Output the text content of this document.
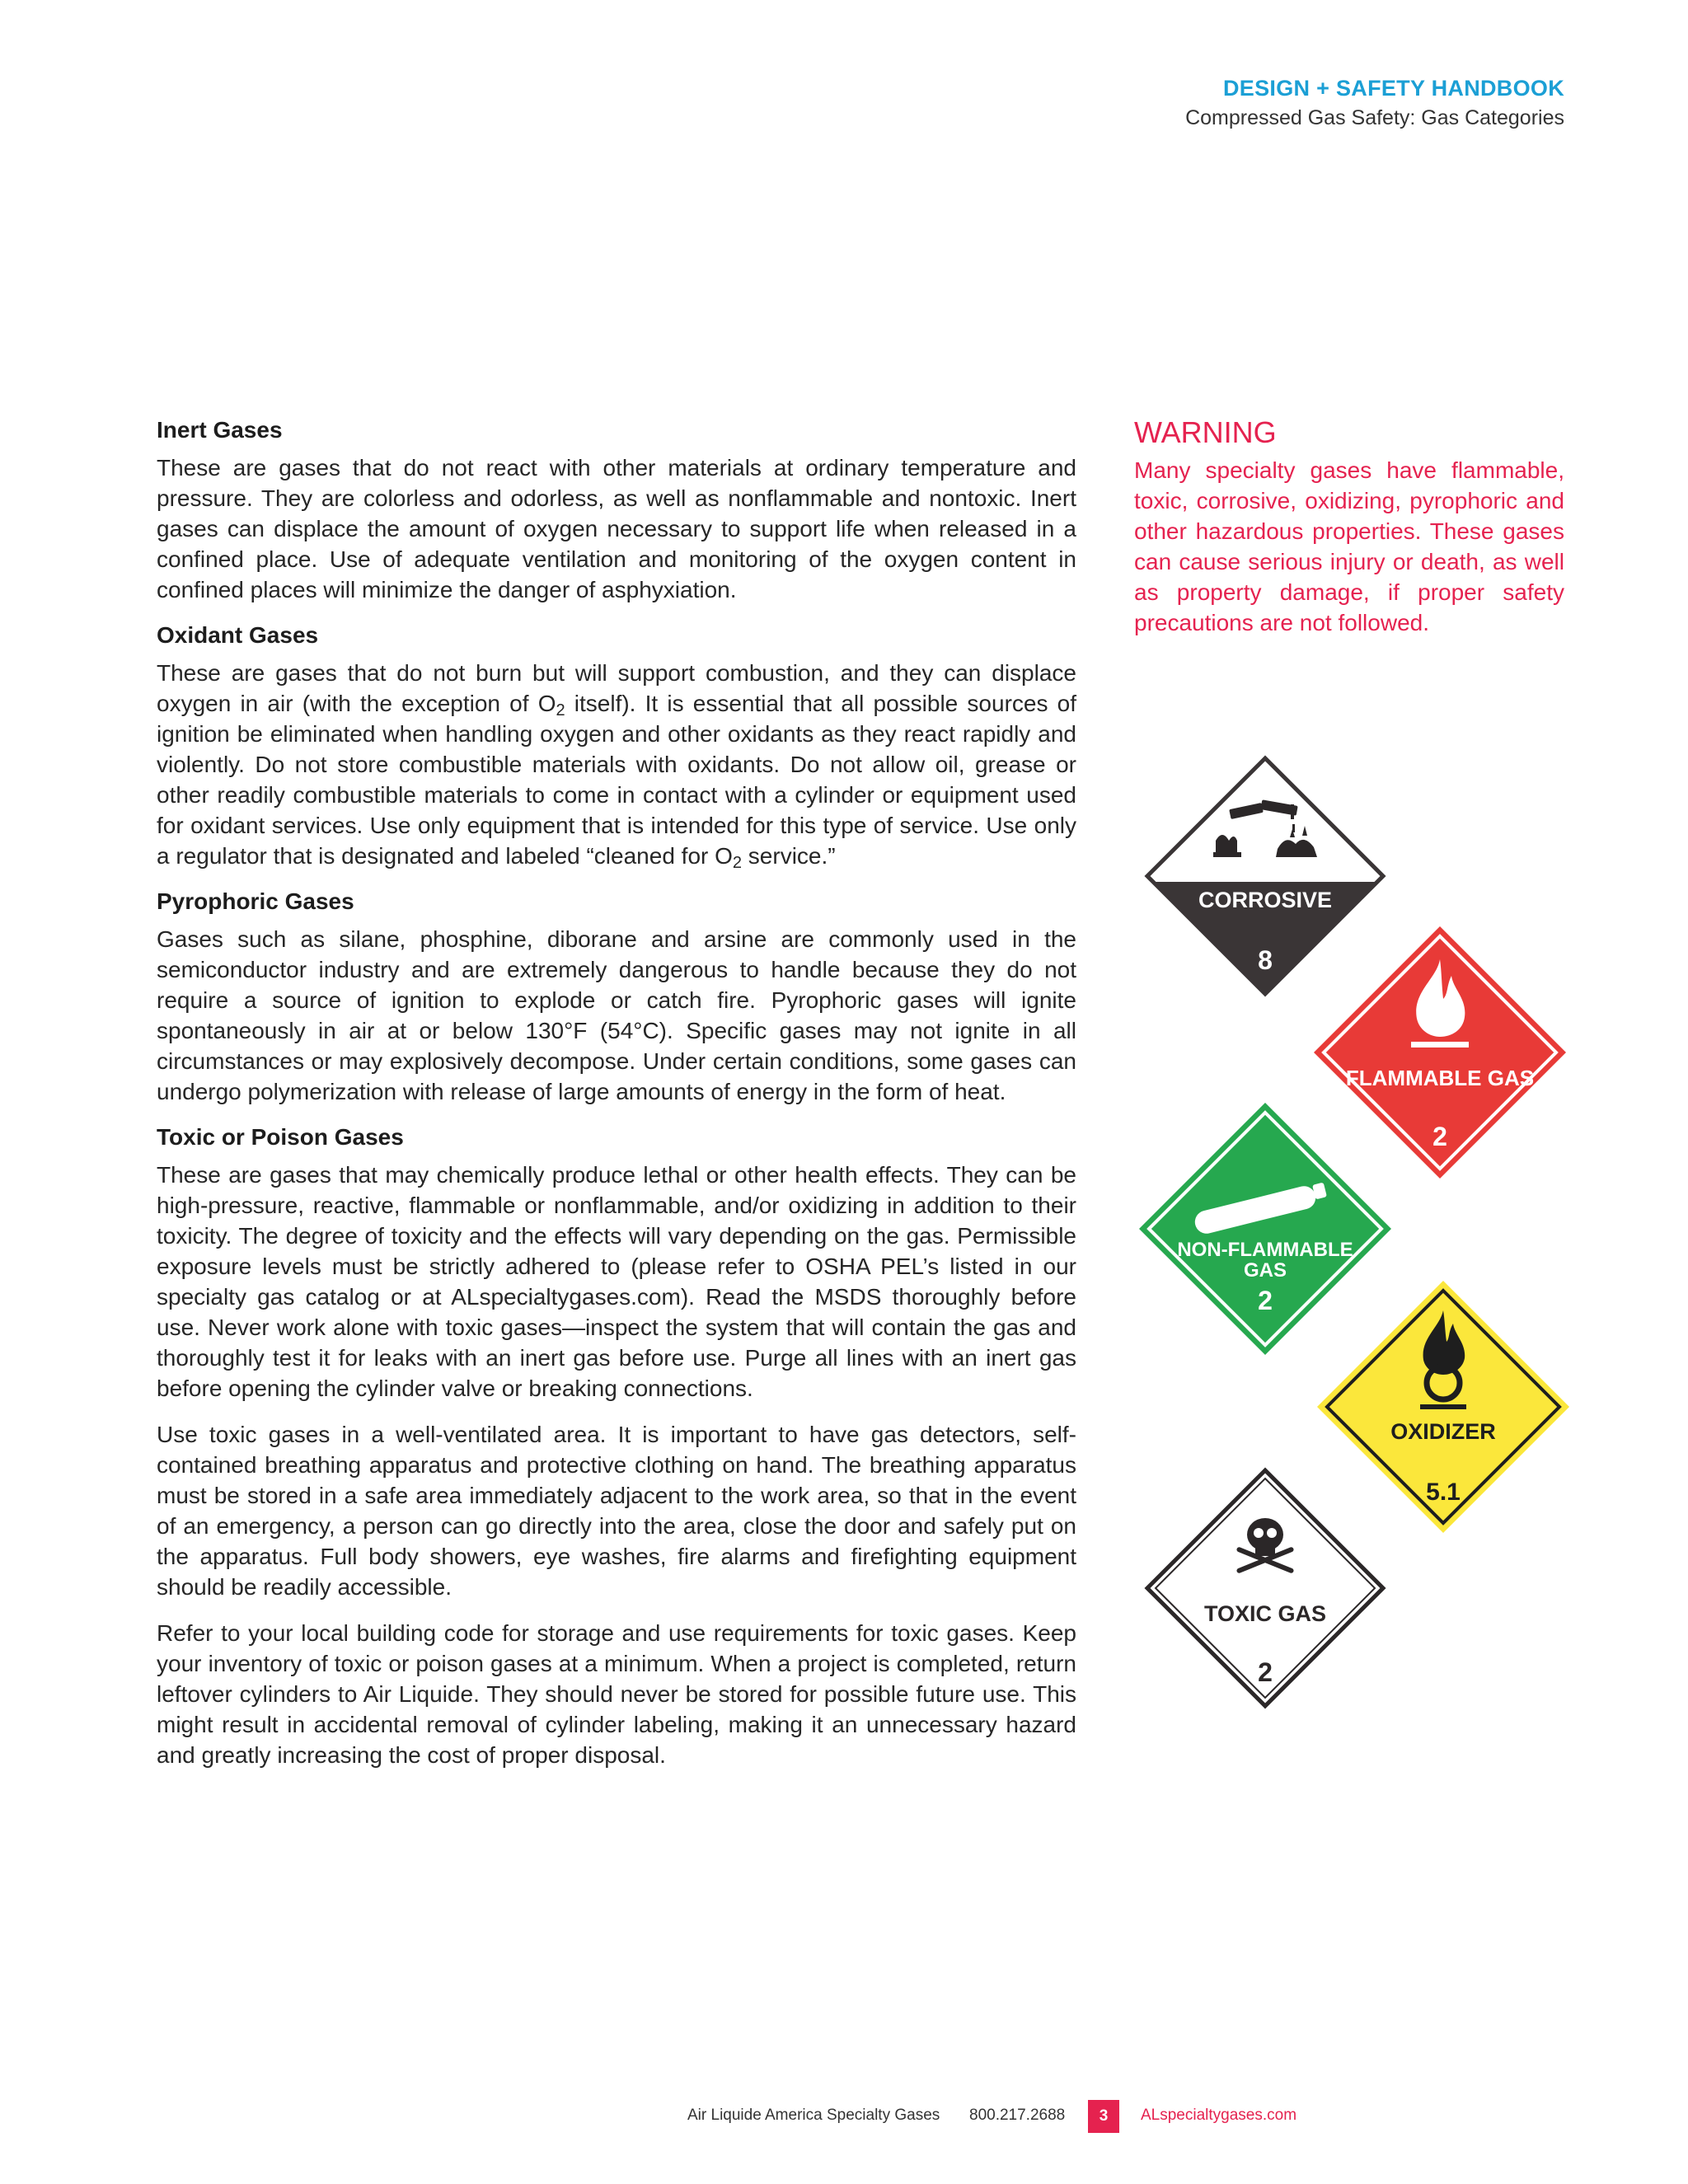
DESIGN + SAFETY HANDBOOK
Compressed Gas Safety: Gas Categories
Inert Gases

These are gases that do not react with other materials at ordinary temperature and pressure. They are colorless and odorless, as well as nonflammable and nontoxic. Inert gases can displace the amount of oxygen necessary to support life when released in a confined place. Use of adequate ventilation and monitoring of the oxygen content in confined places will minimize the danger of asphyxiation.

Oxidant Gases

These are gases that do not burn but will support combustion, and they can displace oxygen in air (with the exception of $O_2$ itself). It is essential that all possible sources of ignition be eliminated when handling oxygen and other oxidants as they react rapidly and violently. Do not store combustible materials with oxidants. Do not allow oil, grease or other readily combustible materials to come in contact with a cylinder or equipment used for oxidant services. Use only equipment that is intended for this type of service. Use only a regulator that is designated and labeled “cleaned for $O_2$ service.”

Pyrophoric Gases

Gases such as silane, phosphine, diborane and arsine are commonly used in the semiconductor industry and are extremely dangerous to handle because they do not require a source of ignition to explode or catch fire. Pyrophoric gases will ignite spontaneously in air at or below 130°F (54°C). Specific gases may not ignite in all circumstances or may explosively decompose. Under certain conditions, some gases can undergo polymerization with release of large amounts of energy in the form of heat.

Toxic or Poison Gases

These are gases that may chemically produce lethal or other health effects. They can be high-pressure, reactive, flammable or nonflammable, and/or oxidizing in addition to their toxicity. The degree of toxicity and the effects will vary depending on the gas. Permissible exposure levels must be strictly adhered to (please refer to OSHA PEL’s listed in our specialty gas catalog or at ALspecialtygases.com). Read the MSDS thoroughly before use. Never work alone with toxic gases—inspect the system that will contain the gas and thoroughly test it for leaks with an inert gas before use. Purge all lines with an inert gas before opening the cylinder valve or breaking connections.

Use toxic gases in a well-ventilated area. It is important to have gas detectors, self-contained breathing apparatus and protective clothing on hand. The breathing apparatus must be stored in a safe area immediately adjacent to the work area, so that in the event of an emergency, a person can go directly into the area, close the door and safely put on the apparatus. Full body showers, eye washes, fire alarms and firefighting equipment should be readily accessible.

Refer to your local building code for storage and use requirements for toxic gases. Keep your inventory of toxic or poison gases at a minimum. When a project is completed, return leftover cylinders to Air Liquide. They should never be stored for possible future use. This might result in accidental removal of cylinder labeling, making it an unnecessary hazard and greatly increasing the cost of proper disposal.

WARNING
Many specialty gases have flammable, toxic, corrosive, oxidizing, pyrophoric and other hazardous properties. These gases can cause serious injury or death, as well as property damage, if proper safety precautions are not followed.
CORROSIVE
8
FLAMMABLE GAS
2
NON-FLAMMABLE
GAS
2
OXIDIZER
5.1
TOXIC GAS
2
Air Liquide America Specialty Gases 800.217.2688	3	ALspecialtygases.com
